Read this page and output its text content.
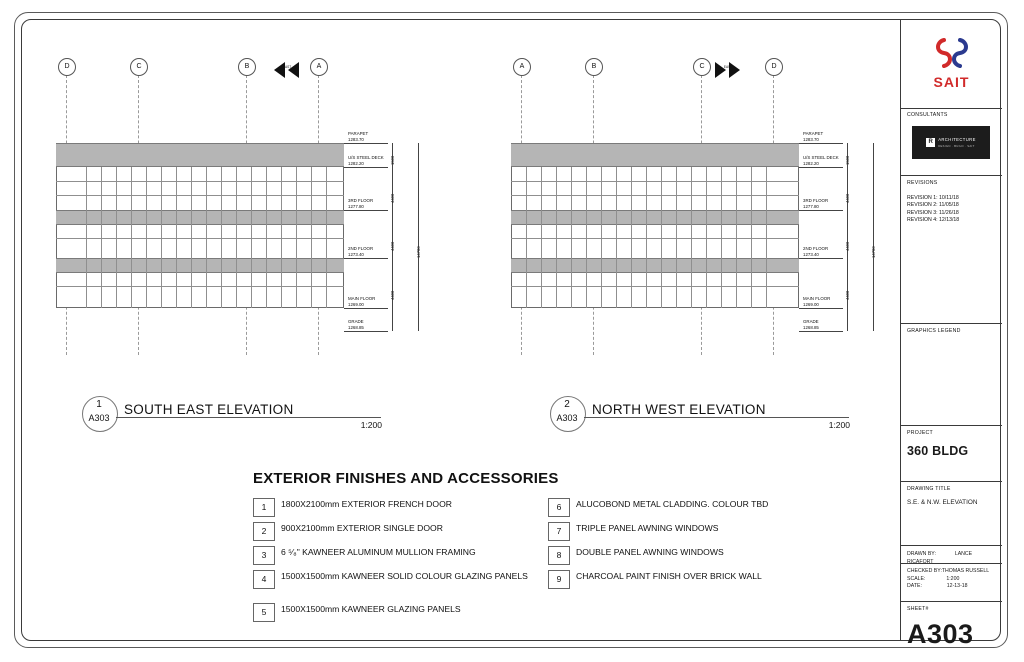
D	C	B	A
EAST
PARAPET
1283.70
U/S STEEL DECK
1282.20
3RD FLOOR
1277.80
2ND FLOOR
1273.40
MAIN FLOOR
1269.00
GRADE
1268.85
1500
4400
4400
4400
14700
A	B	C	D
EAST
PARAPET
1283.70
U/S STEEL DECK
1282.20
3RD FLOOR
1277.80
2ND FLOOR
1273.40
MAIN FLOOR
1269.00
GRADE
1268.85
1500
4400
4400
4400
14700
1
A303
SOUTH EAST ELEVATION
1:200
2
A303
NORTH WEST ELEVATION
1:200
EXTERIOR FINISHES AND ACCESSORIES
1	1800X2100mm EXTERIOR FRENCH DOOR
2	900X2100mm EXTERIOR SINGLE DOOR
3	6 ⁵⁄₈" KAWNEER ALUMINUM MULLION FRAMING
4	1500X1500mm KAWNEER SOLID COLOUR GLAZING PANELS
5	1500X1500mm KAWNEER GLAZING PANELS
6	ALUCOBOND METAL CLADDING. COLOUR TBD
7	TRIPLE PANEL AWNING WINDOWS
8	DOUBLE PANEL AWNING WINDOWS
9	CHARCOAL PAINT FINISH OVER BRICK WALL
SAIT
CONSULTANTS
R	ARCHITECTURE
DESIGN · BUILD · SAIT
REVISIONS
REVISION 1: 10/11/18
REVISION 2: 11/05/18
REVISION 3: 11/26/18
REVISION 4: 12/13/18
GRAPHICS LEGEND
PROJECT
360 BLDG
DRAWING TITLE
S.E. & N.W. ELEVATION
DRAWN BY:	LANCE RICAFORT
CHECKED BY:THOMAS RUSSELL
SCALE:	1:200
DATE:	12-13-18
SHEET#
A303
